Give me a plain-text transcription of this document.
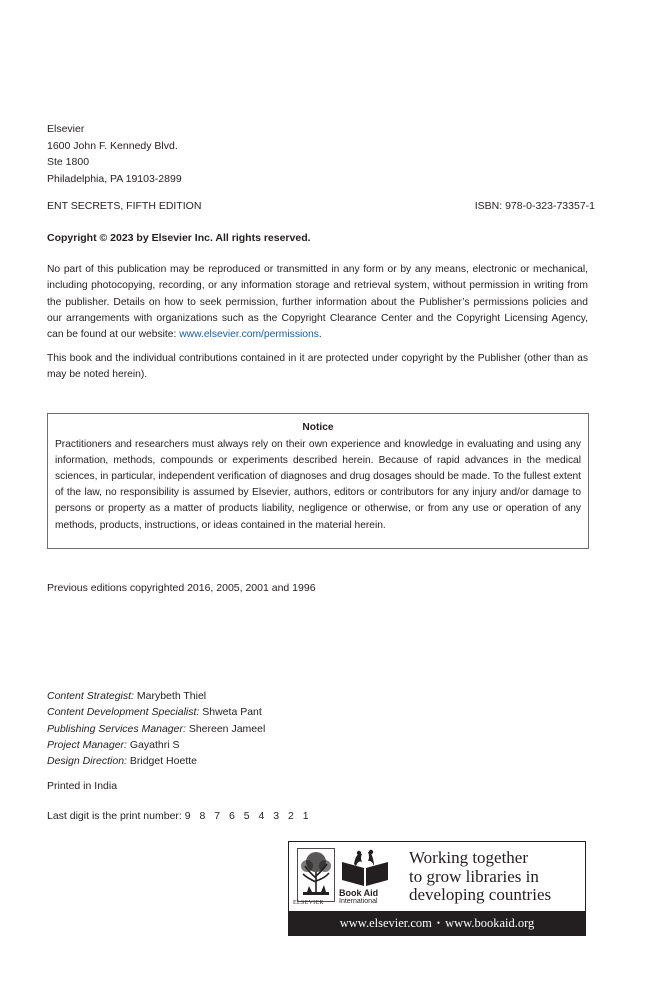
Elsevier
1600 John F. Kennedy Blvd.
Ste 1800
Philadelphia, PA 19103-2899
ENT SECRETS, FIFTH EDITION	ISBN: 978-0-323-73357-1
Copyright © 2023 by Elsevier Inc. All rights reserved.
No part of this publication may be reproduced or transmitted in any form or by any means, electronic or mechanical, including photocopying, recording, or any information storage and retrieval system, without permission in writing from the publisher. Details on how to seek permission, further information about the Publisher’s permissions policies and our arrangements with organizations such as the Copyright Clearance Center and the Copyright Licensing Agency, can be found at our website: www.elsevier.com/permissions.
This book and the individual contributions contained in it are protected under copyright by the Publisher (other than as may be noted herein).
Notice
Practitioners and researchers must always rely on their own experience and knowledge in evaluating and using any information, methods, compounds or experiments described herein. Because of rapid advances in the medical sciences, in particular, independent verification of diagnoses and drug dosages should be made. To the fullest extent of the law, no responsibility is assumed by Elsevier, authors, editors or contributors for any injury and/or damage to persons or property as a matter of products liability, negligence or otherwise, or from any use or operation of any methods, products, instructions, or ideas contained in the material herein.
Previous editions copyrighted 2016, 2005, 2001 and 1996
Content Strategist: Marybeth Thiel
Content Development Specialist: Shweta Pant
Publishing Services Manager: Shereen Jameel
Project Manager: Gayathri S
Design Direction: Bridget Hoette
Printed in India
Last digit is the print number: 9 8 7 6 5 4 3 2 1
ELSEVIER
Book Aid
International
Working together
to grow libraries in
developing countries
www.elsevier.com • www.bookaid.org
